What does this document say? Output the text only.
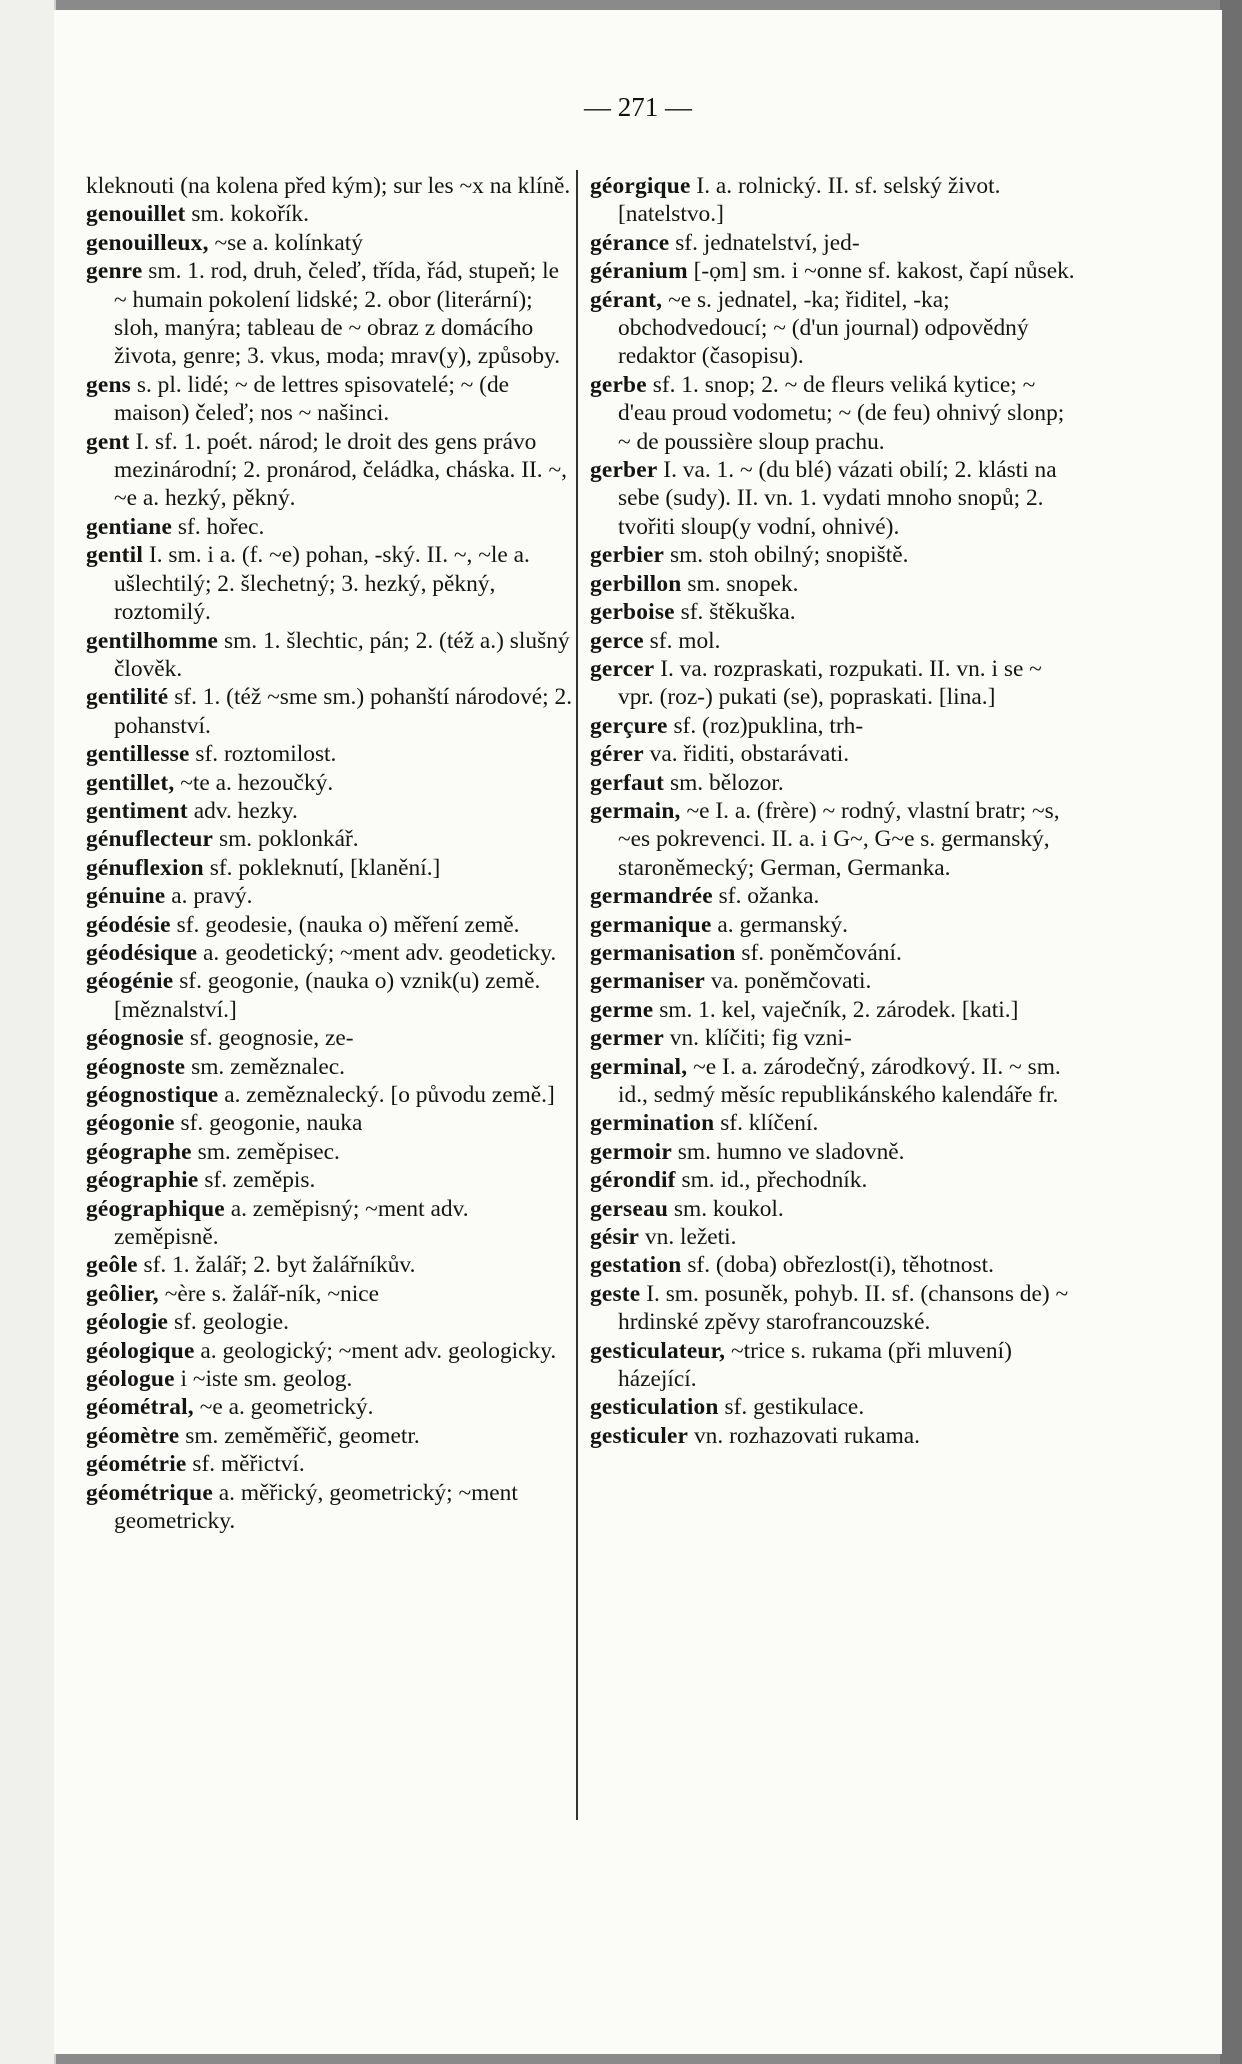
— 271 —

kleknouti (na kolena před kým); sur les ~x na klíně.

genouillet sm. kokořík.

genouilleux, ~se a. kolínkatý

genre sm. 1. rod, druh, čeleď, třída, řád, stupeň; le ~ humain pokolení lidské; 2. obor (literární); sloh, manýra; tableau de ~ obraz z domácího života, genre; 3. vkus, moda; mrav(y), způsoby.

gens s. pl. lidé; ~ de lettres spisovatelé; ~ (de maison) čeleď; nos ~ našinci.

gent I. sf. 1. poét. národ; le droit des gens právo mezinárodní; 2. pronárod, čeládka, cháska. II. ~, ~e a. hezký, pěkný.

gentiane sf. hořec.

gentil I. sm. i a. (f. ~e) pohan, -ský. II. ~, ~le a. ušlechtilý; 2. šlechetný; 3. hezký, pěkný, roztomilý.

gentilhomme sm. 1. šlechtic, pán; 2. (též a.) slušný člověk.

gentilité sf. 1. (též ~sme sm.) pohanští národové; 2. pohanství.

gentillesse sf. roztomilost.

gentillet, ~te a. hezoučký.

gentiment adv. hezky.

génuflecteur sm. poklonkář.

génuflexion sf. pokleknutí, [klanění.]

génuine a. pravý.

géodésie sf. geodesie, (nauka o) měření země.

géodésique a. geodetický; ~ment adv. geodeticky.

géogénie sf. geogonie, (nauka o) vznik(u) země. [měznalství.]

géognosie sf. geognosie, ze-

géognoste sm. zeměznalec.

géognostique a. zeměznalecký. [o původu země.]

géogonie sf. geogonie, nauka

géographe sm. zeměpisec.

géographie sf. zeměpis.

géographique a. zeměpisný; ~ment adv. zeměpisně.

geôle sf. 1. žalář; 2. byt žalářníkův.

geôlier, ~ère s. žalář-ník, ~nice

géologie sf. geologie.

géologique a. geologický; ~ment adv. geologicky.

géologue i ~iste sm. geolog.

géométral, ~e a. geometrický.

géomètre sm. zeměměřič, geometr.

géométrie sf. měřictví.

géométrique a. měřický, geometrický; ~ment geometricky.

géorgique I. a. rolnický. II. sf. selský život. [natelstvo.]

gérance sf. jednatelství, jed-

géranium [-ọm] sm. i ~onne sf. kakost, čapí nůsek.

gérant, ~e s. jednatel, -ka; řiditel, -ka; obchodvedoucí; ~ (d'un journal) odpovědný redaktor (časopisu).

gerbe sf. 1. snop; 2. ~ de fleurs veliká kytice; ~ d'eau proud vodometu; ~ (de feu) ohnivý slonp; ~ de poussière sloup prachu.

gerber I. va. 1. ~ (du blé) vázati obilí; 2. klásti na sebe (sudy). II. vn. 1. vydati mnoho snopů; 2. tvořiti sloup(y vodní, ohnivé).

gerbier sm. stoh obilný; snopiště.

gerbillon sm. snopek.

gerboise sf. štěkuška.

gerce sf. mol.

gercer I. va. rozpraskati, rozpukati. II. vn. i se ~ vpr. (roz-) pukati (se), popraskati. [lina.]

gerçure sf. (roz)puklina, trh-

gérer va. řiditi, obstarávati.

gerfaut sm. bělozor.

germain, ~e I. a. (frère) ~ rodný, vlastní bratr; ~s, ~es pokrevenci. II. a. i G~, G~e s. germanský, staroněmecký; German, Germanka.

germandrée sf. ožanka.

germanique a. germanský.

germanisation sf. poněmčování.

germaniser va. poněmčovati.

germe sm. 1. kel, vaječník, 2. zárodek. [kati.]

germer vn. klíčiti; fig vzni-

germinal, ~e I. a. zárodečný, zárodkový. II. ~ sm. id., sedmý měsíc republikánského kalendáře fr.

germination sf. klíčení.

germoir sm. humno ve sladovně.

gérondif sm. id., přechodník.

gerseau sm. koukol.

gésir vn. ležeti.

gestation sf. (doba) obřezlost(i), těhotnost.

geste I. sm. posuněk, pohyb. II. sf. (chansons de) ~ hrdinské zpěvy starofrancouzské.

gesticulateur, ~trice s. rukama (při mluvení) házející.

gesticulation sf. gestikulace.

gesticuler vn. rozhazovati rukama.
